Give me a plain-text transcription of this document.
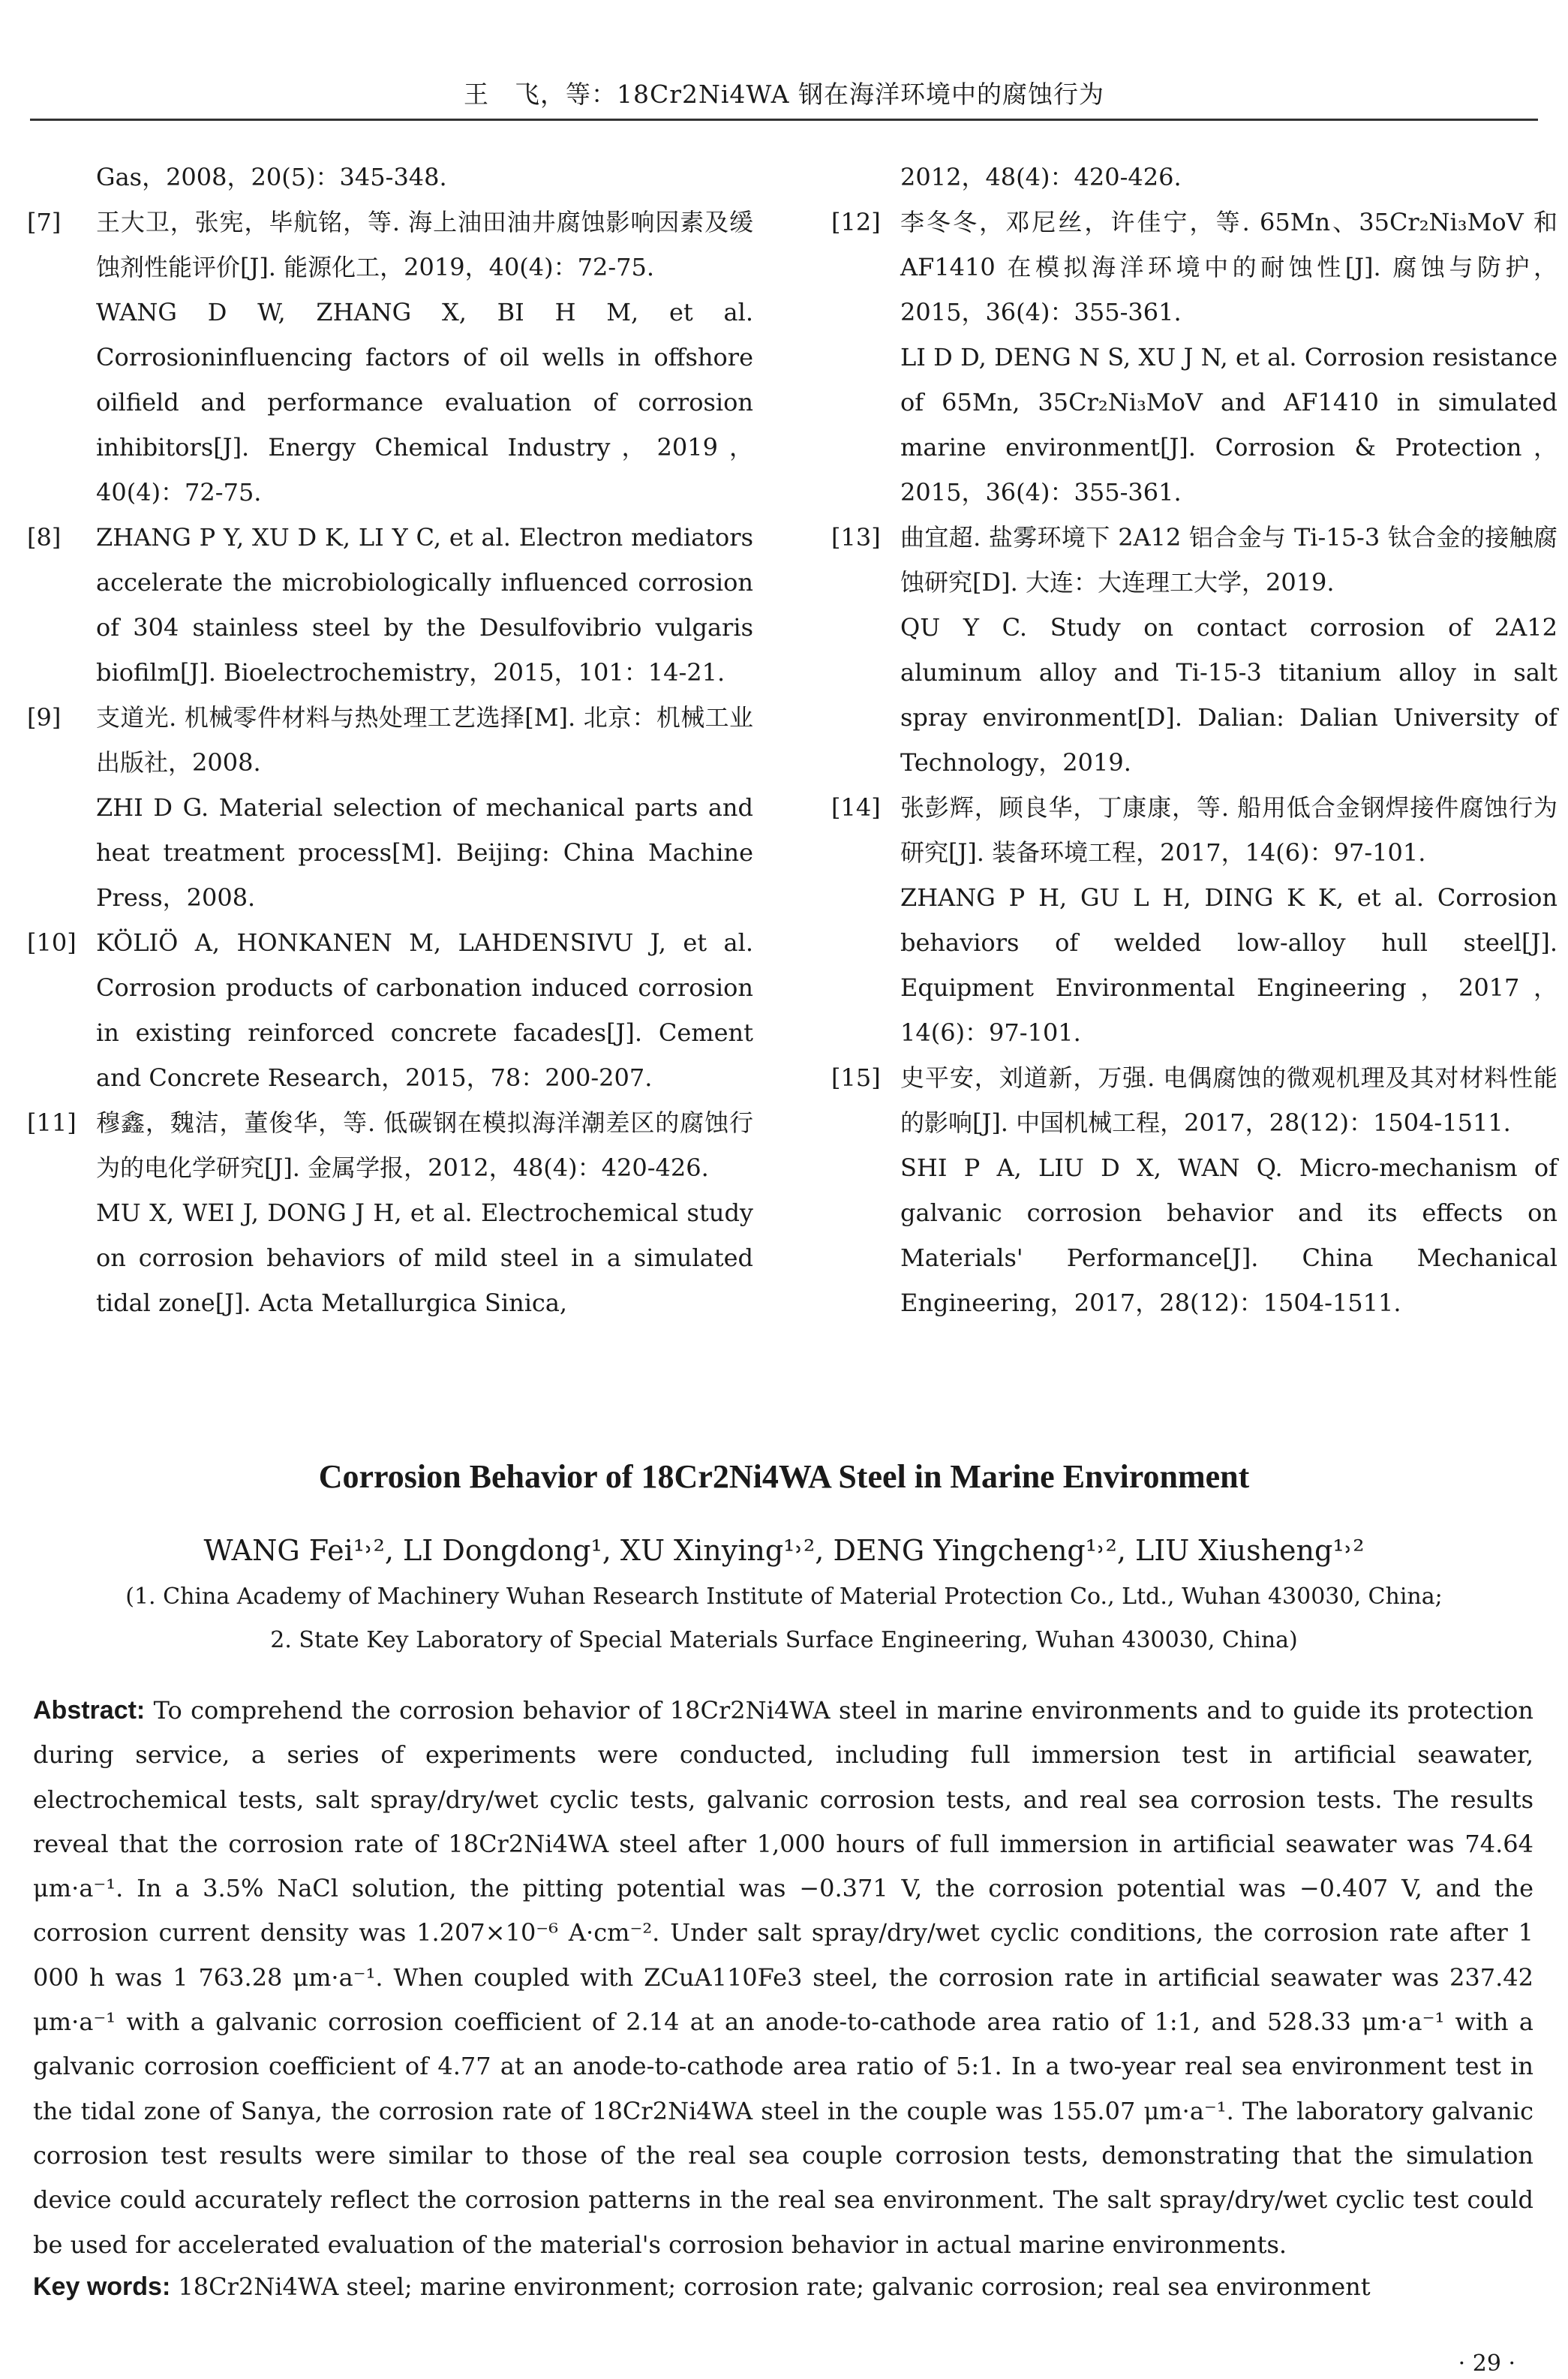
王　飞，等：18Cr2Ni4WA 钢在海洋环境中的腐蚀行为

Gas，2008，20(5)：345-348.

[7]	王大卫，张宪，毕航铭，等. 海上油田油井腐蚀影响因素及缓蚀剂性能评价[J]. 能源化工，2019，40(4)：72-75.

WANG D W, ZHANG X, BI H M, et al. Corrosioninfluencing factors of oil wells in offshore oilfield and performance evaluation of corrosion inhibitors[J]. Energy Chemical Industry，2019，40(4)：72-75.

[8]	ZHANG P Y, XU D K, LI Y C, et al. Electron mediators accelerate the microbiologically influenced corrosion of 304 stainless steel by the Desulfovibrio vulgaris biofilm[J]. Bioelectrochemistry，2015，101：14-21.

[9]	支道光. 机械零件材料与热处理工艺选择[M]. 北京：机械工业出版社，2008.

ZHI D G. Material selection of mechanical parts and heat treatment process[M]. Beijing: China Machine Press，2008.

[10] KÖLIÖ A, HONKANEN M, LAHDENSIVU J, et al. Corrosion products of carbonation induced corrosion in existing reinforced concrete facades[J]. Cement and Concrete Research，2015，78：200-207.

[11] 穆鑫，魏洁，董俊华，等. 低碳钢在模拟海洋潮差区的腐蚀行为的电化学研究[J]. 金属学报，2012，48(4)：420-426.

MU X, WEI J, DONG J H, et al. Electrochemical study on corrosion behaviors of mild steel in a simulated tidal zone[J]. Acta Metallurgica Sinica,

2012，48(4)：420-426.

[12] 李冬冬，邓尼丝，许佳宁，等. 65Mn、35Cr₂Ni₃MoV 和 AF1410 在模拟海洋环境中的耐蚀性[J]. 腐蚀与防护，2015，36(4)：355-361.

LI D D, DENG N S, XU J N, et al. Corrosion resistance of 65Mn, 35Cr₂Ni₃MoV and AF1410 in simulated marine environment[J]. Corrosion & Protection，2015，36(4)：355-361.

[13] 曲宜超. 盐雾环境下 2A12 铝合金与 Ti-15-3 钛合金的接触腐蚀研究[D]. 大连：大连理工大学，2019.

QU Y C. Study on contact corrosion of 2A12 aluminum alloy and Ti-15-3 titanium alloy in salt spray environment[D]. Dalian: Dalian University of Technology，2019.

[14] 张彭辉，顾良华，丁康康，等. 船用低合金钢焊接件腐蚀行为研究[J]. 装备环境工程，2017，14(6)：97-101.

ZHANG P H, GU L H, DING K K, et al. Corrosion behaviors of welded low-alloy hull steel[J]. Equipment Environmental Engineering，2017，14(6)：97-101.

[15] 史平安，刘道新，万强. 电偶腐蚀的微观机理及其对材料性能的影响[J]. 中国机械工程，2017，28(12)：1504-1511.

SHI P A, LIU D X, WAN Q. Micro-mechanism of galvanic corrosion behavior and its effects on Materials' Performance[J]. China Mechanical Engineering，2017，28(12)：1504-1511.

Corrosion Behavior of 18Cr2Ni4WA Steel in Marine Environment
WANG Fei¹˒², LI Dongdong¹, XU Xinying¹˒², DENG Yingcheng¹˒², LIU Xiusheng¹˒²
(1. China Academy of Machinery Wuhan Research Institute of Material Protection Co., Ltd., Wuhan 430030, China;
2. State Key Laboratory of Special Materials Surface Engineering, Wuhan 430030, China)

Abstract: To comprehend the corrosion behavior of 18Cr2Ni4WA steel in marine environments and to guide its protection during service, a series of experiments were conducted, including full immersion test in artificial seawater, electrochemical tests, salt spray/dry/wet cyclic tests, galvanic corrosion tests, and real sea corrosion tests. The results reveal that the corrosion rate of 18Cr2Ni4WA steel after 1,000 hours of full immersion in artificial seawater was 74.64 μm·a⁻¹. In a 3.5% NaCl solution, the pitting potential was −0.371 V, the corrosion potential was −0.407 V, and the corrosion current density was 1.207×10⁻⁶ A·cm⁻². Under salt spray/dry/wet cyclic conditions, the corrosion rate after 1 000 h was 1 763.28 μm·a⁻¹. When coupled with ZCuA110Fe3 steel, the corrosion rate in artificial seawater was 237.42 μm·a⁻¹ with a galvanic corrosion coefficient of 2.14 at an anode-to-cathode area ratio of 1:1, and 528.33 μm·a⁻¹ with a galvanic corrosion coefficient of 4.77 at an anode-to-cathode area ratio of 5:1. In a two-year real sea environment test in the tidal zone of Sanya, the corrosion rate of 18Cr2Ni4WA steel in the couple was 155.07 μm·a⁻¹. The laboratory galvanic corrosion test results were similar to those of the real sea couple corrosion tests, demonstrating that the simulation device could accurately reflect the corrosion patterns in the real sea environment. The salt spray/dry/wet cyclic test could be used for accelerated evaluation of the material's corrosion behavior in actual marine environments.

Key words: 18Cr2Ni4WA steel; marine environment; corrosion rate; galvanic corrosion; real sea environment

· 29 ·
